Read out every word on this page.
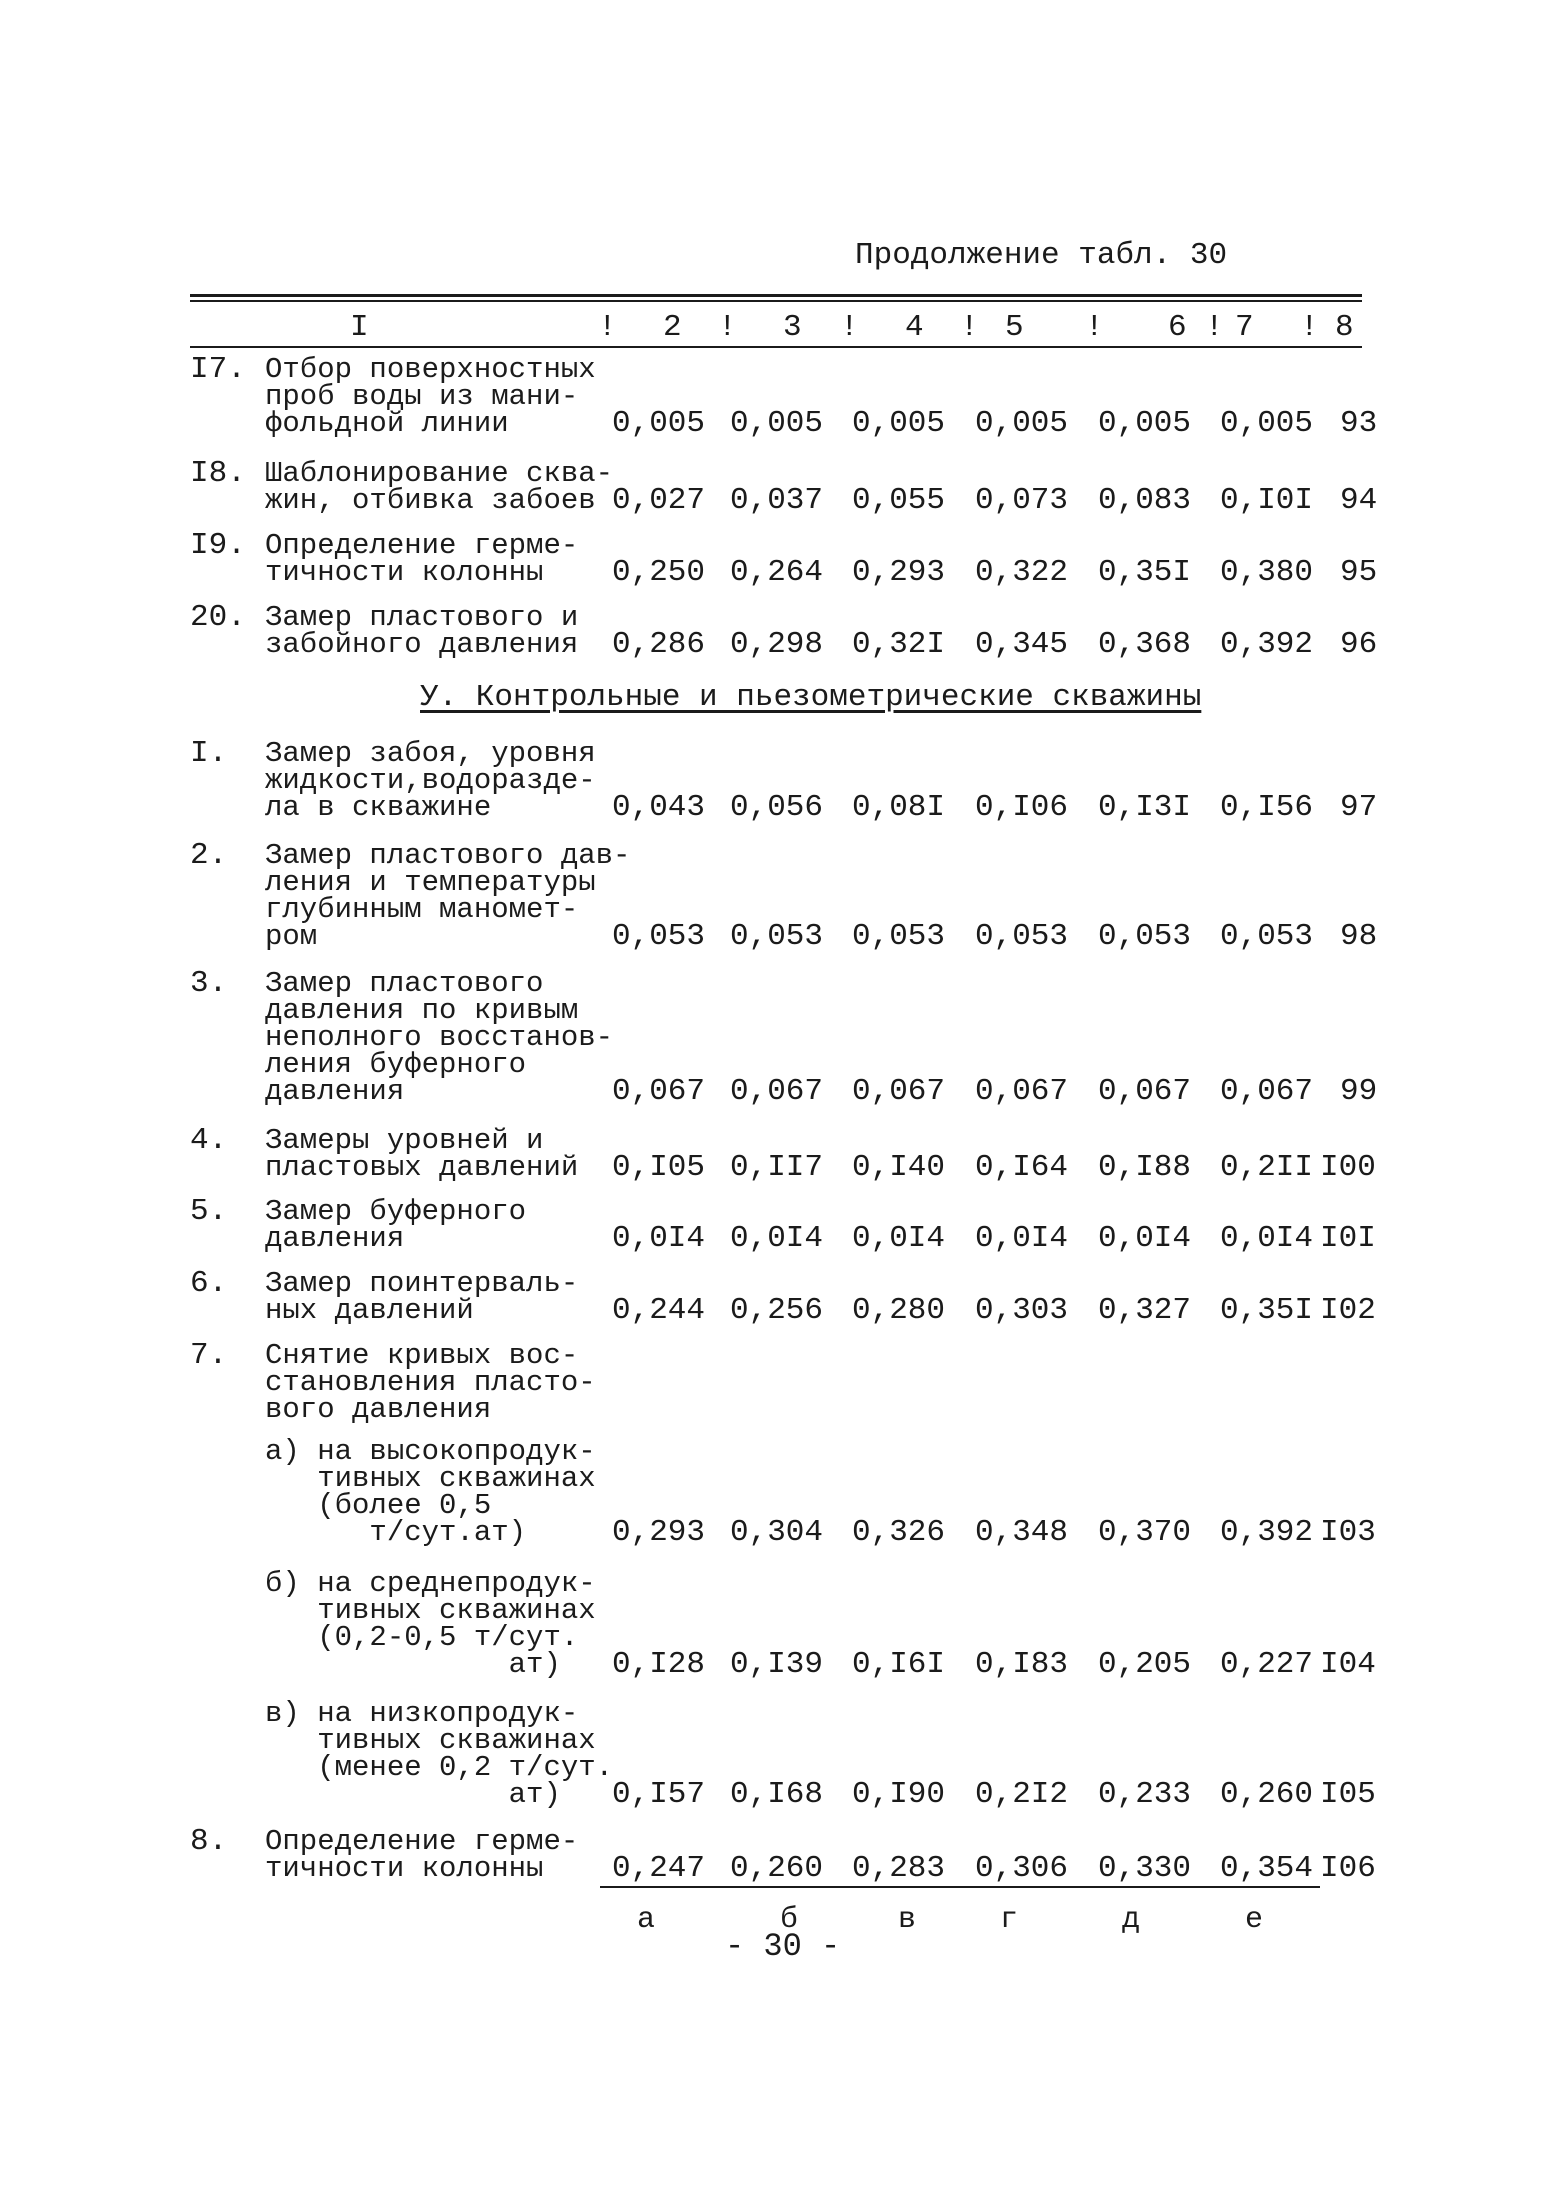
Продолжение табл. 30
I	! 2 ! 3 ! 4 ! 5 ! 6 ! 7 ! 8
У. Контрольные и пьезометрические скважины
I7. Отбор поверхностных
проб воды из мани-
фольдной линии	0,005 0,005 0,005 0,005 0,005 0,005 93
I8. Шаблонирование сква-
жин, отбивка забоев 0,027 0,037 0,055 0,073 0,083 0,I0I 94
I9. Определение герме-
тичности колонны 0,250 0,264 0,293 0,322 0,35I 0,380 95
20. Замер пластового и
забойного давления 0,286 0,298 0,32I 0,345 0,368 0,392 96
I. Замер забоя, уровня
жидкости,водоразде-
ла в скважине	0,043 0,056 0,08I 0,I06 0,I3I 0,I56 97
2. Замер пластового дав-
ления и температуры
глубинным маномет-
ром	0,053 0,053 0,053 0,053 0,053 0,053 98
3. Замер пластового
давления по кривым
неполного восстанов-
ления буферного
давления	0,067 0,067 0,067 0,067 0,067 0,067 99
4. Замеры уровней и
пластовых давлений 0,I05 0,II7 0,I40 0,I64 0,I88 0,2II I00
5. Замер буферного
давления	0,0I4 0,0I4 0,0I4 0,0I4 0,0I4 0,0I4 I0I
6. Замер поинтерваль-
ных давлений	0,244 0,256 0,280 0,303 0,327 0,35I I02
7. Снятие кривых вос-
становления пласто-
вого давления
а) на высокопродук-
тивных скважинах
(более 0,5
т/сут.ат)	0,293 0,304 0,326 0,348 0,370 0,392 I03
б) на среднепродук-
тивных скважинах
(0,2-0,5 т/сут.
ат) 0,I28 0,I39 0,I6I 0,I83 0,205 0,227 I04
в) на низкопродук-
тивных скважинах
(менее 0,2 т/сут.
ат) 0,I57 0,I68 0,I90 0,2I2 0,233 0,260 I05
8. Определение герме-
тичности колонны 0,247 0,260 0,283 0,306 0,330 0,354 I06
а	б	в	г	д	е
- 30 -
